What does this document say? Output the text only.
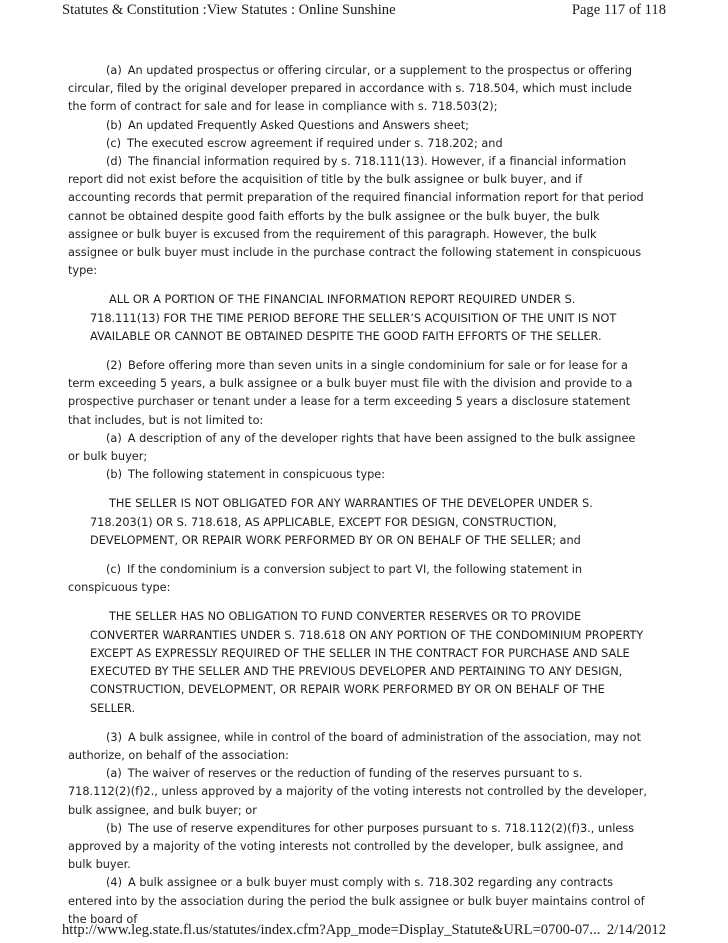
Statutes & Constitution :View Statutes : Online Sunshine	Page 117 of 118

(a) An updated prospectus or offering circular, or a supplement to the prospectus or offering circular, filed by the original developer prepared in accordance with s. 718.504, which must include the form of contract for sale and for lease in compliance with s. 718.503(2);

(b) An updated Frequently Asked Questions and Answers sheet;

(c) The executed escrow agreement if required under s. 718.202; and

(d) The financial information required by s. 718.111(13). However, if a financial information report did not exist before the acquisition of title by the bulk assignee or bulk buyer, and if accounting records that permit preparation of the required financial information report for that period cannot be obtained despite good faith efforts by the bulk assignee or the bulk buyer, the bulk assignee or bulk buyer is excused from the requirement of this paragraph. However, the bulk assignee or bulk buyer must include in the purchase contract the following statement in conspicuous type:

ALL OR A PORTION OF THE FINANCIAL INFORMATION REPORT REQUIRED UNDER S. 718.111(13) FOR THE TIME PERIOD BEFORE THE SELLER’S ACQUISITION OF THE UNIT IS NOT AVAILABLE OR CANNOT BE OBTAINED DESPITE THE GOOD FAITH EFFORTS OF THE SELLER.

(2) Before offering more than seven units in a single condominium for sale or for lease for a term exceeding 5 years, a bulk assignee or a bulk buyer must file with the division and provide to a prospective purchaser or tenant under a lease for a term exceeding 5 years a disclosure statement that includes, but is not limited to:

(a) A description of any of the developer rights that have been assigned to the bulk assignee or bulk buyer;

(b) The following statement in conspicuous type:

THE SELLER IS NOT OBLIGATED FOR ANY WARRANTIES OF THE DEVELOPER UNDER S. 718.203(1) OR S. 718.618, AS APPLICABLE, EXCEPT FOR DESIGN, CONSTRUCTION, DEVELOPMENT, OR REPAIR WORK PERFORMED BY OR ON BEHALF OF THE SELLER; and

(c) If the condominium is a conversion subject to part VI, the following statement in conspicuous type:

THE SELLER HAS NO OBLIGATION TO FUND CONVERTER RESERVES OR TO PROVIDE CONVERTER WARRANTIES UNDER S. 718.618 ON ANY PORTION OF THE CONDOMINIUM PROPERTY EXCEPT AS EXPRESSLY REQUIRED OF THE SELLER IN THE CONTRACT FOR PURCHASE AND SALE EXECUTED BY THE SELLER AND THE PREVIOUS DEVELOPER AND PERTAINING TO ANY DESIGN, CONSTRUCTION, DEVELOPMENT, OR REPAIR WORK PERFORMED BY OR ON BEHALF OF THE SELLER.

(3) A bulk assignee, while in control of the board of administration of the association, may not authorize, on behalf of the association:

(a) The waiver of reserves or the reduction of funding of the reserves pursuant to s. 718.112(2)(f)2., unless approved by a majority of the voting interests not controlled by the developer, bulk assignee, and bulk buyer; or

(b) The use of reserve expenditures for other purposes pursuant to s. 718.112(2)(f)3., unless approved by a majority of the voting interests not controlled by the developer, bulk assignee, and bulk buyer.

(4) A bulk assignee or a bulk buyer must comply with s. 718.302 regarding any contracts entered into by the association during the period the bulk assignee or bulk buyer maintains control of the board of

http://www.leg.state.fl.us/statutes/index.cfm?App_mode=Display_Statute&URL=0700-07... 2/14/2012
